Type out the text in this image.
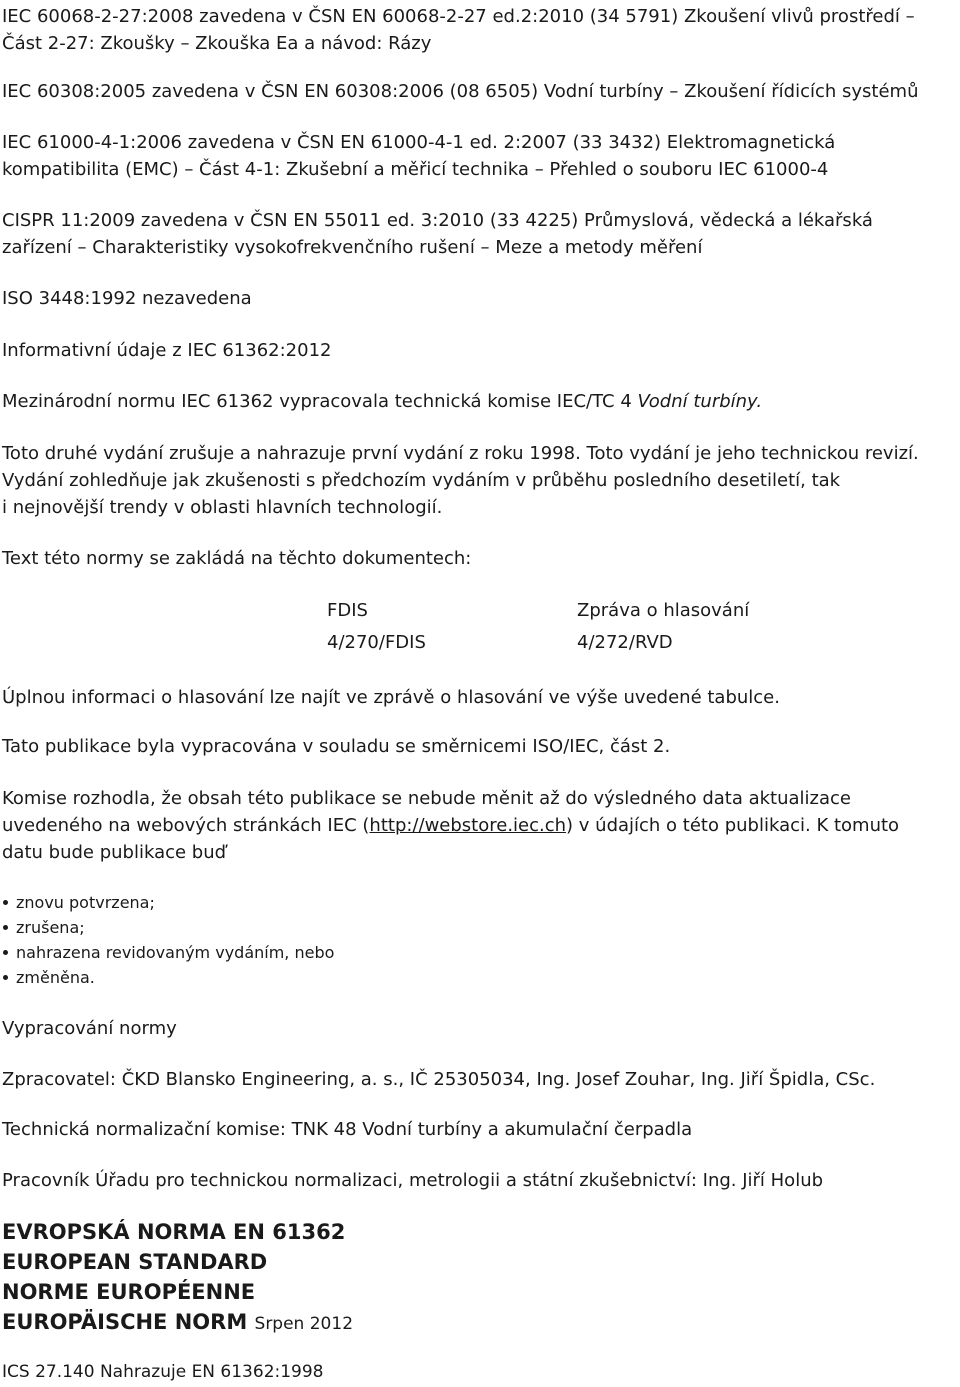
IEC 60068-2-27:2008 zavedena v ČSN EN 60068-2-27 ed.2:2010 (34 5791) Zkoušení vlivů prostředí –
Část 2-27: Zkoušky – Zkouška Ea a návod: Rázy
IEC 60308:2005 zavedena v ČSN EN 60308:2006 (08 6505) Vodní turbíny – Zkoušení řídicích systémů
IEC 61000-4-1:2006 zavedena v ČSN EN 61000-4-1 ed. 2:2007 (33 3432) Elektromagnetická
kompatibilita (EMC) – Část 4-1: Zkušební a měřicí technika – Přehled o souboru IEC 61000-4
CISPR 11:2009 zavedena v ČSN EN 55011 ed. 3:2010 (33 4225) Průmyslová, vědecká a lékařská
zařízení – Charakteristiky vysokofrekvenčního rušení – Meze a metody měření
ISO 3448:1992 nezavedena
Informativní údaje z IEC 61362:2012
Mezinárodní normu IEC 61362 vypracovala technická komise IEC/TC 4 Vodní turbíny.
Toto druhé vydání zrušuje a nahrazuje první vydání z roku 1998. Toto vydání je jeho technickou revizí.
Vydání zohledňuje jak zkušenosti s předchozím vydáním v průběhu posledního desetiletí, tak
i nejnovější trendy v oblasti hlavních technologií.
Text této normy se zakládá na těchto dokumentech:
FDIS	Zpráva o hlasování
4/270/FDIS	4/272/RVD
Úplnou informaci o hlasování lze najít ve zprávě o hlasování ve výše uvedené tabulce.
Tato publikace byla vypracována v souladu se směrnicemi ISO/IEC, část 2.
Komise rozhodla, že obsah této publikace se nebude měnit až do výsledného data aktualizace
uvedeného na webových stránkách IEC (http://webstore.iec.ch) v údajích o této publikaci. K tomuto
datu bude publikace buď
znovu potvrzena;
zrušena;
nahrazena revidovaným vydáním, nebo
změněna.
Vypracování normy
Zpracovatel: ČKD Blansko Engineering, a. s., IČ 25305034, Ing. Josef Zouhar, Ing. Jiří Špidla, CSc.
Technická normalizační komise: TNK 48 Vodní turbíny a akumulační čerpadla
Pracovník Úřadu pro technickou normalizaci, metrologii a státní zkušebnictví: Ing. Jiří Holub
EVROPSKÁ NORMA EN 61362
EUROPEAN STANDARD
NORME EUROPÉENNE
EUROPÄISCHE NORM Srpen 2012
ICS 27.140 Nahrazuje EN 61362:1998
